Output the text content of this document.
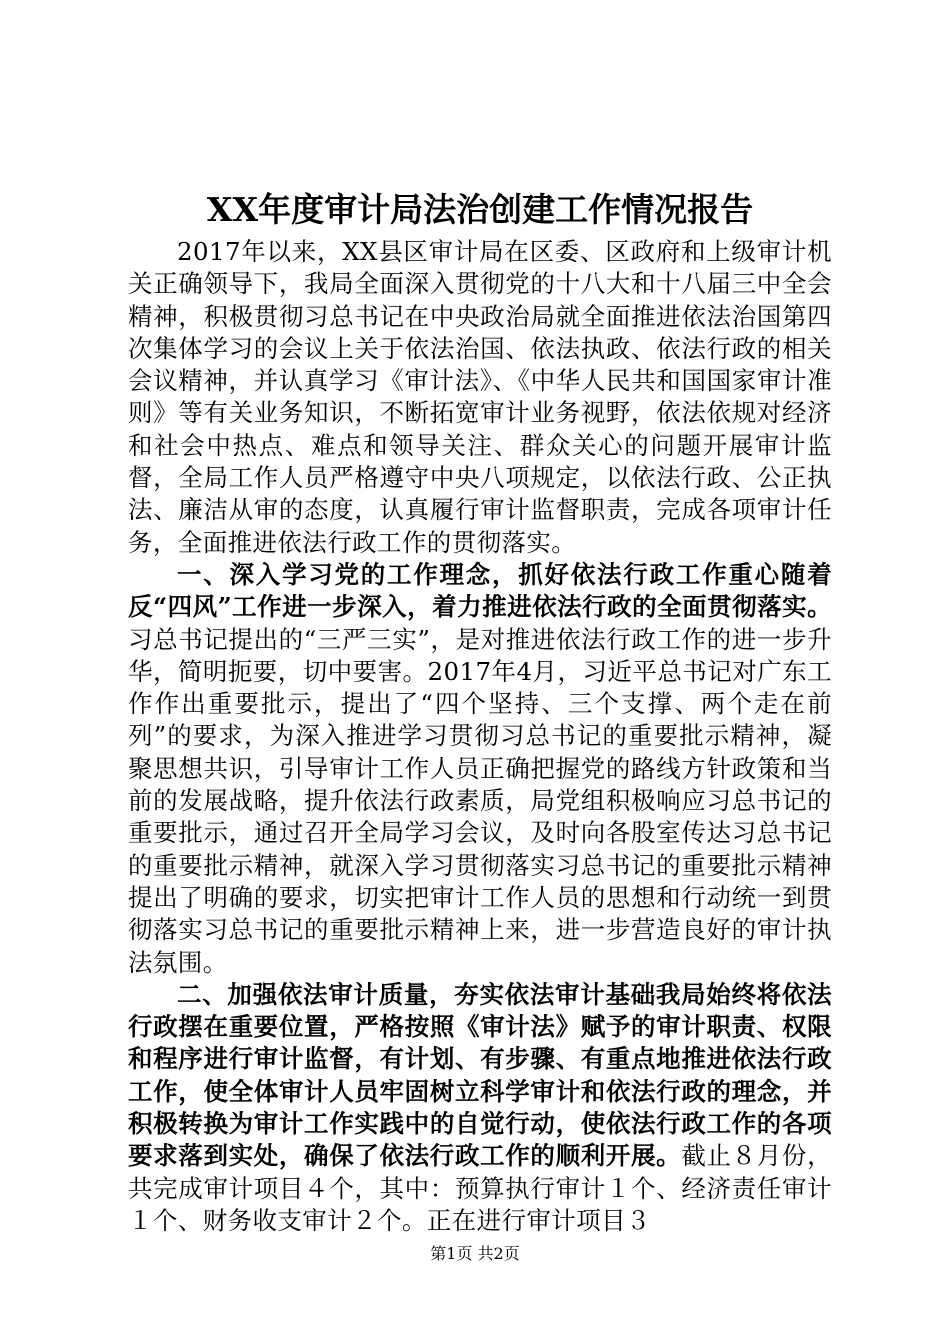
XX年度审计局法治创建工作情况报告

2017年以来，XX县区审计局在区委、区政府和上级审计机关正确领导下，我局全面深入贯彻党的十八大和十八届三中全会精神，积极贯彻习总书记在中央政治局就全面推进依法治国第四次集体学习的会议上关于依法治国、依法执政、依法行政的相关会议精神，并认真学习《审计法》、《中华人民共和国国家审计准则》等有关业务知识，不断拓宽审计业务视野，依法依规对经济和社会中热点、难点和领导关注、群众关心的问题开展审计监督，全局工作人员严格遵守中央八项规定，以依法行政、公正执法、廉洁从审的态度，认真履行审计监督职责，完成各项审计任务，全面推进依法行政工作的贯彻落实。

一、深入学习党的工作理念，抓好依法行政工作重心随着反“四风”工作进一步深入，着力推进依法行政的全面贯彻落实。习总书记提出的“三严三实”，是对推进依法行政工作的进一步升华，简明扼要，切中要害。2017年4月，习近平总书记对广东工作作出重要批示，提出了“四个坚持、三个支撑、两个走在前列”的要求，为深入推进学习贯彻习总书记的重要批示精神，凝聚思想共识，引导审计工作人员正确把握党的路线方针政策和当前的发展战略，提升依法行政素质，局党组积极响应习总书记的重要批示，通过召开全局学习会议，及时向各股室传达习总书记的重要批示精神，就深入学习贯彻落实习总书记的重要批示精神提出了明确的要求，切实把审计工作人员的思想和行动统一到贯彻落实习总书记的重要批示精神上来，进一步营造良好的审计执法氛围。

二、加强依法审计质量，夯实依法审计基础我局始终将依法行政摆在重要位置，严格按照《审计法》赋予的审计职责、权限和程序进行审计监督，有计划、有步骤、有重点地推进依法行政工作，使全体审计人员牢固树立科学审计和依法行政的理念，并积极转换为审计工作实践中的自觉行动，使依法行政工作的各项要求落到实处，确保了依法行政工作的顺利开展。截止８月份，共完成审计项目４个，其中：预算执行审计１个、经济责任审计１个、财务收支审计２个。正在进行审计项目３

第1页 共2页
